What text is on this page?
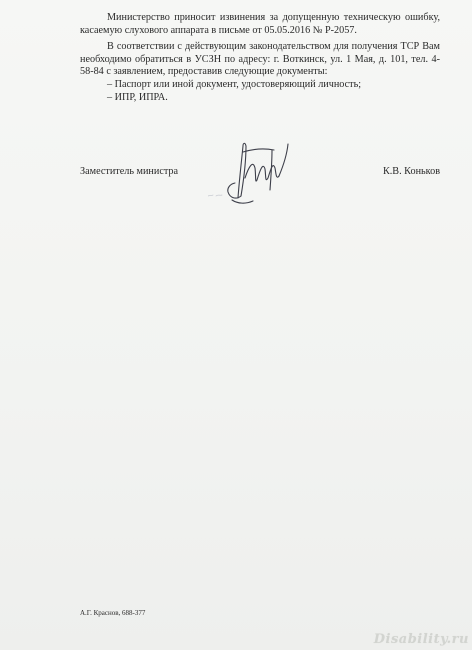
Министерство приносит извинения за допущенную техническую ошибку, касаемую слухового аппарата в письме от 05.05.2016 № Р-2057.

В соответствии с действующим законодательством для получения ТСР Вам необходимо обратиться в УСЗН по адресу: г. Воткинск, ул. 1 Мая, д. 101, тел. 4-58-84 с заявлением, предоставив следующие документы:

– Паспорт или иной документ, удостоверяющий личность;

– ИПР, ИПРА.

Заместитель министра	К.В. Коньков
А.Г. Краснов, 688-377
Disability.ru
